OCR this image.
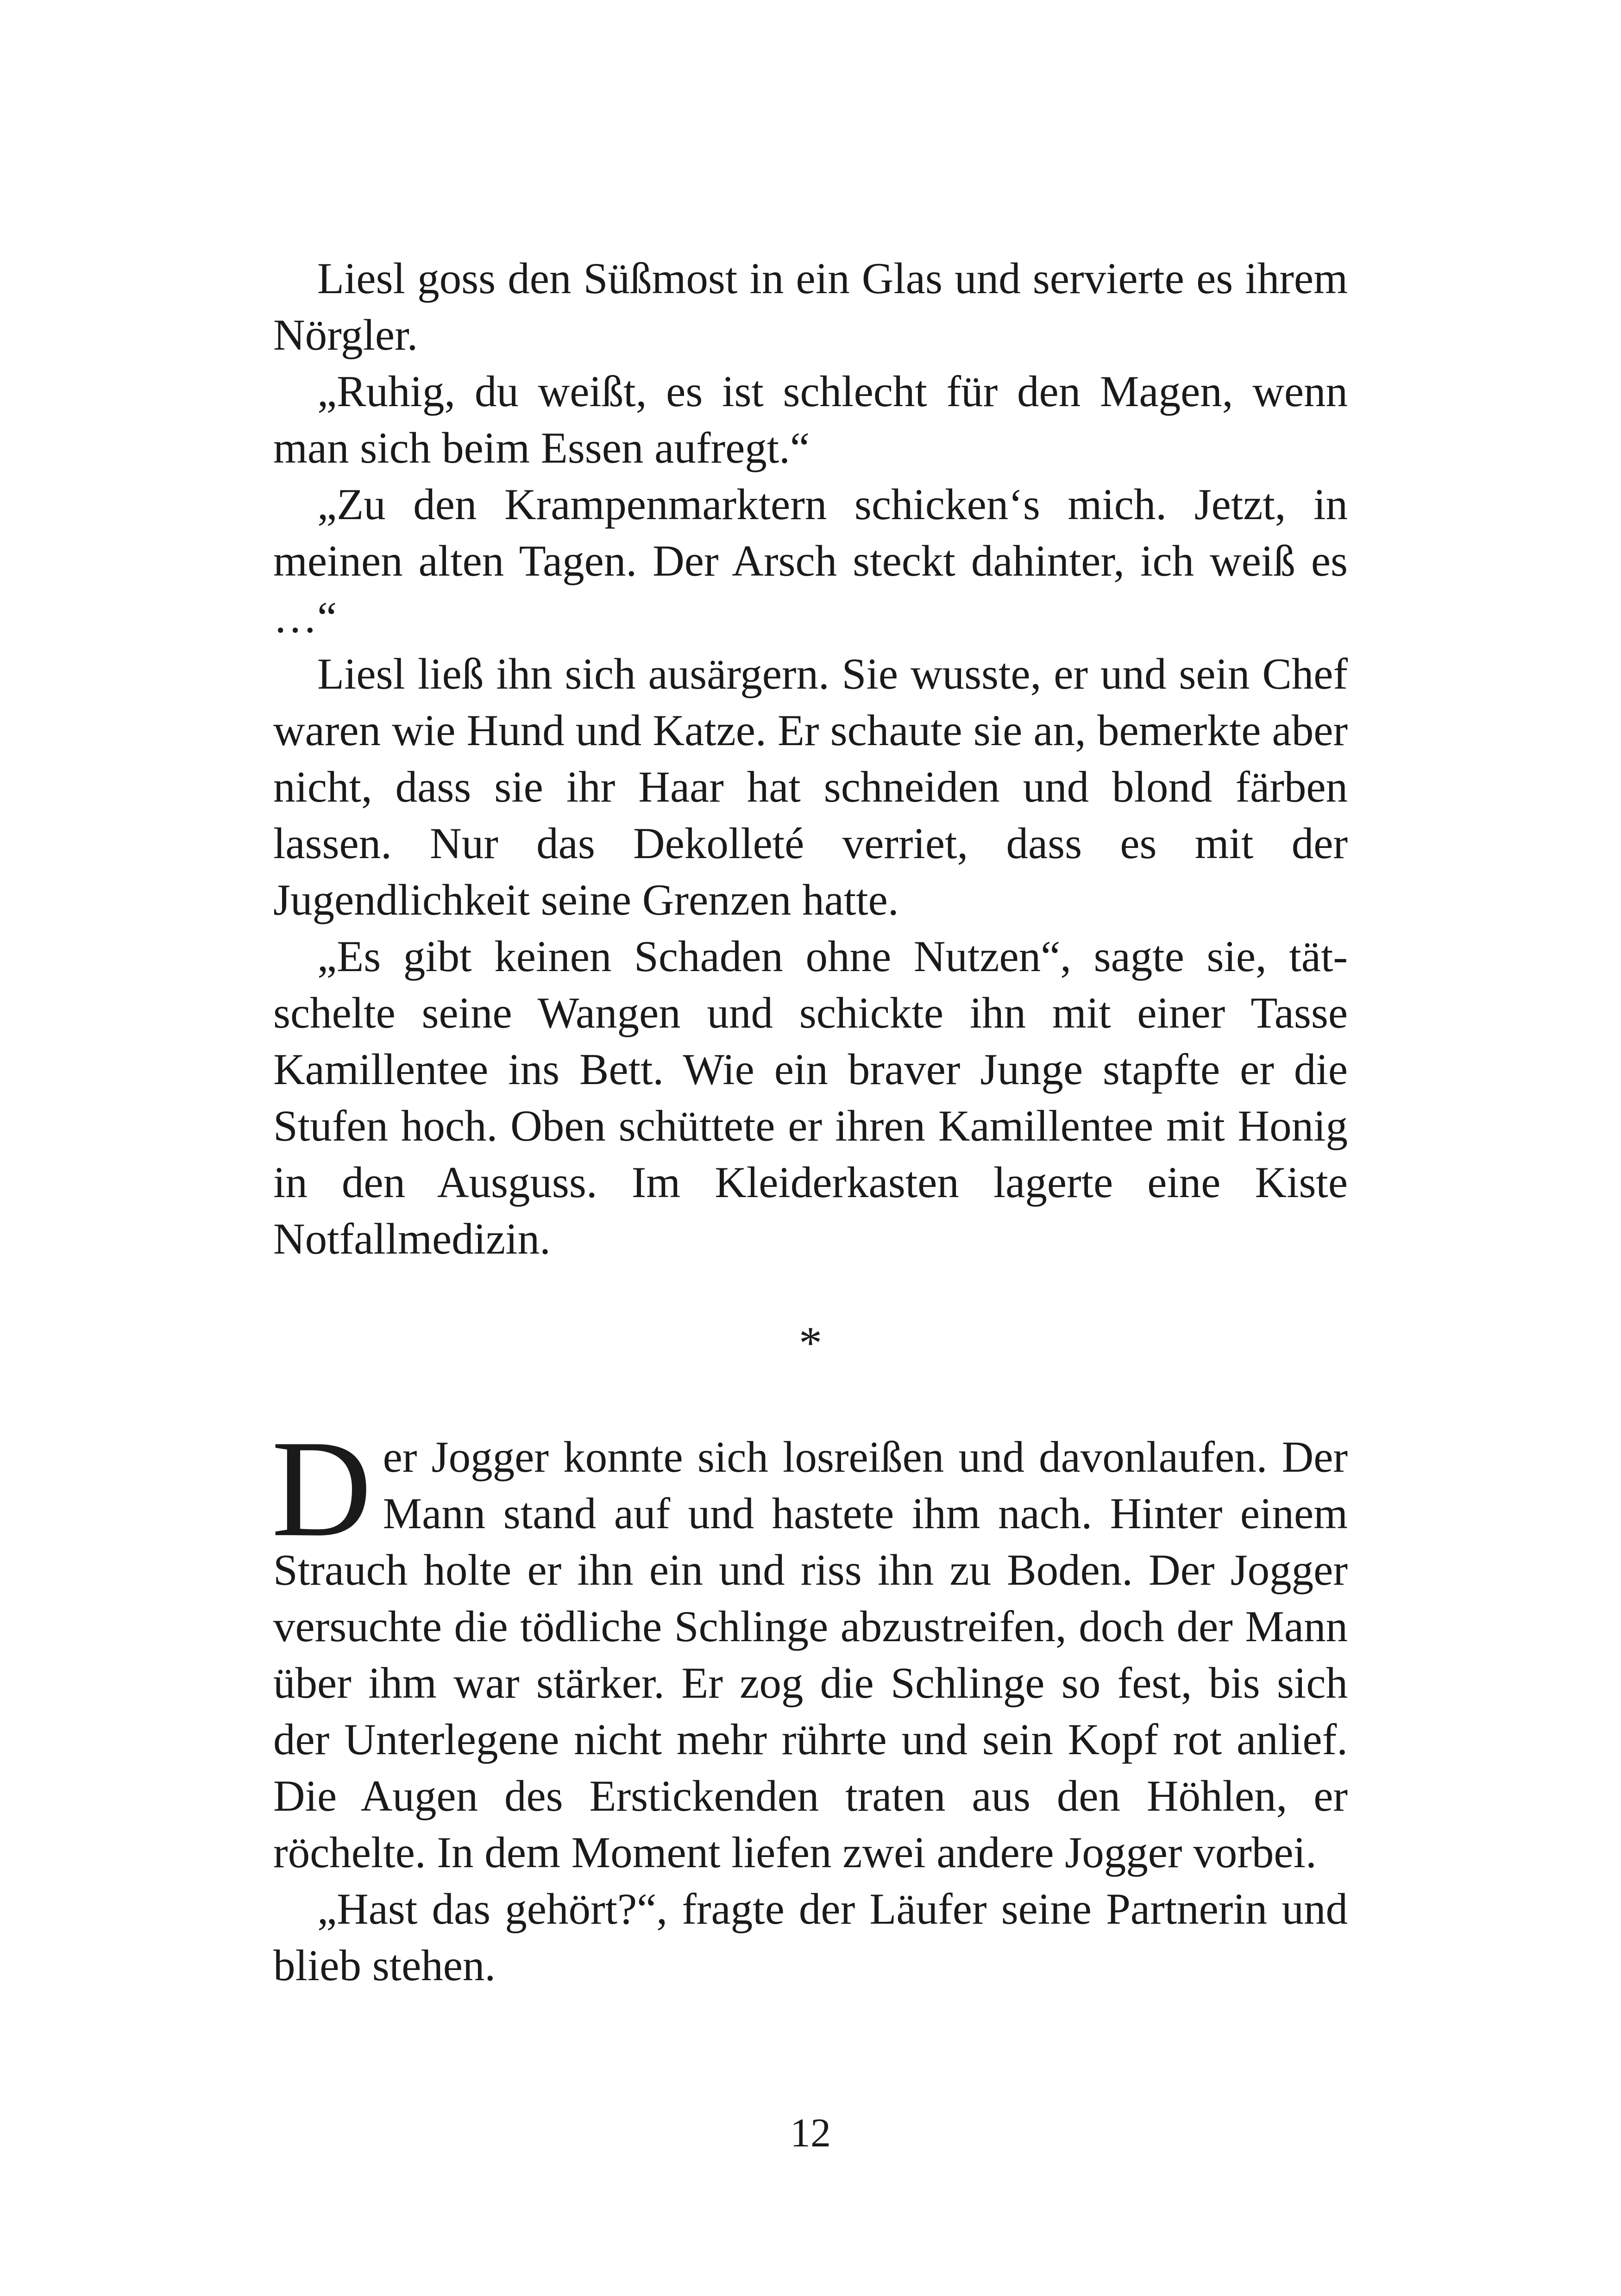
Liesl goss den Süßmost in ein Glas und servierte es ihrem Nörgler.

„Ruhig, du weißt, es ist schlecht für den Magen, wenn man sich beim Essen aufregt.“

„Zu den Krampenmarktern schicken‘s mich. Jetzt, in meinen alten Tagen. Der Arsch steckt dahinter, ich weiß es …“

Liesl ließ ihn sich ausärgern. Sie wusste, er und sein Chef waren wie Hund und Katze. Er schaute sie an, bemerkte aber nicht, dass sie ihr Haar hat schneiden und blond färben lassen. Nur das Dekolleté verriet, dass es mit der Jugendlichkeit seine Grenzen hatte.

„Es gibt keinen Schaden ohne Nutzen“, sagte sie, tätschelte seine Wangen und schickte ihn mit einer Tasse Kamillentee ins Bett. Wie ein braver Junge stapfte er die Stufen hoch. Oben schüttete er ihren Kamillentee mit Honig in den Ausguss. Im Kleiderkasten lagerte eine Kiste Notfallmedizin.

*

Der Jogger konnte sich losreißen und davonlaufen. Der Mann stand auf und hastete ihm nach. Hinter einem Strauch holte er ihn ein und riss ihn zu Boden. Der Jogger versuchte die tödliche Schlinge abzustreifen, doch der Mann über ihm war stärker. Er zog die Schlinge so fest, bis sich der Unterlegene nicht mehr rührte und sein Kopf rot anlief. Die Augen des Erstickenden traten aus den Höhlen, er röchelte. In dem Moment liefen zwei andere Jogger vorbei.

„Hast das gehört?“, fragte der Läufer seine Partnerin und blieb stehen.

12
